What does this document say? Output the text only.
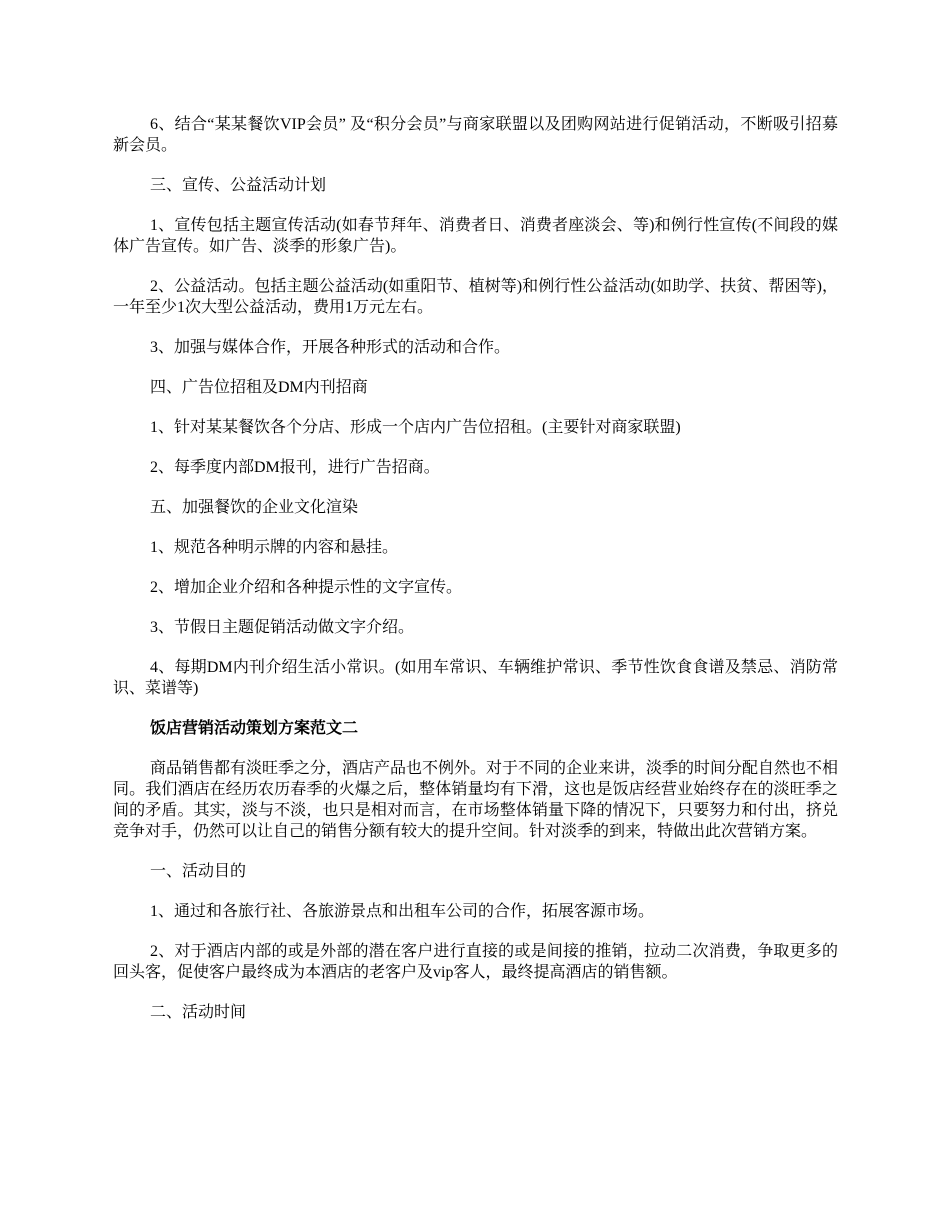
6、结合“某某餐饮VIP会员” 及“积分会员”与商家联盟以及团购网站进行促销活动，不断吸引招募新会员。

三、宣传、公益活动计划

1、宣传包括主题宣传活动(如春节拜年、消费者日、消费者座淡会、等)和例行性宣传(不间段的媒体广告宣传。如广告、淡季的形象广告)。

2、公益活动。包括主题公益活动(如重阳节、植树等)和例行性公益活动(如助学、扶贫、帮困等)，一年至少1次大型公益活动，费用1万元左右。

3、加强与媒体合作，开展各种形式的活动和合作。

四、广告位招租及DM内刊招商

1、针对某某餐饮各个分店、形成一个店内广告位招租。(主要针对商家联盟)

2、每季度内部DM报刊，进行广告招商。

五、加强餐饮的企业文化渲染

1、规范各种明示牌的内容和悬挂。

2、增加企业介绍和各种提示性的文字宣传。

3、节假日主题促销活动做文字介绍。

4、每期DM内刊介绍生活小常识。(如用车常识、车辆维护常识、季节性饮食食谱及禁忌、消防常识、菜谱等)

饭店营销活动策划方案范文二

商品销售都有淡旺季之分，酒店产品也不例外。对于不同的企业来讲，淡季的时间分配自然也不相同。我们酒店在经历农历春季的火爆之后，整体销量均有下滑，这也是饭店经营业始终存在的淡旺季之间的矛盾。其实，淡与不淡，也只是相对而言，在市场整体销量下降的情况下，只要努力和付出，挤兑竞争对手，仍然可以让自己的销售分额有较大的提升空间。针对淡季的到来，特做出此次营销方案。

一、活动目的

1、通过和各旅行社、各旅游景点和出租车公司的合作，拓展客源市场。

2、对于酒店内部的或是外部的潜在客户进行直接的或是间接的推销，拉动二次消费，争取更多的回头客，促使客户最终成为本酒店的老客户及vip客人，最终提高酒店的销售额。

二、活动时间
